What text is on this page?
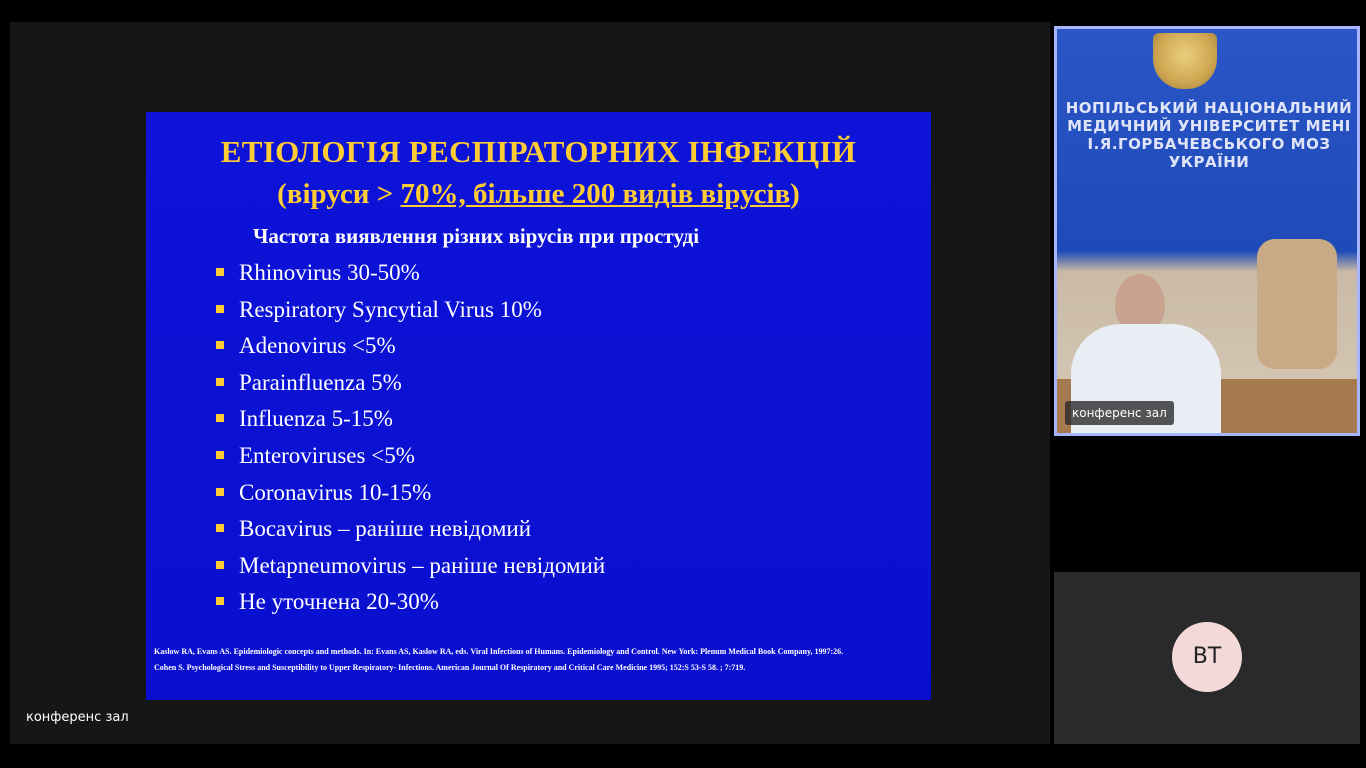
ЕТІОЛОГІЯ РЕСПІРАТОРНИХ ІНФЕКЦІЙ
(віруси > 70%, більше 200 видів вірусів)
Частота виявлення різних вірусів при простуді
Rhinovirus 30-50%
Respiratory Syncytial Virus 10%
Adenovirus <5%
Parainfluenza 5%
Influenza 5-15%
Enteroviruses <5%
Coronavirus 10-15%
Bocavirus – раніше невідомий
Metapneumovirus – раніше невідомий
Не уточнена 20-30%
Kaslow RA, Evans AS. Epidemiologic concepts and methods. In: Evans AS, Kaslow RA, eds. Viral Infections of Humans. Epidemiology and Control. New York: Plenum Medical Book Company, 1997:26.
Cohen S. Psychological Stress and Susceptibility to Upper Respiratory- Infections. American Journal Of Respiratory and Critical Care Medicine 1995; 152:S 53-S 58. ; 7:719.
конференс зал
НОПІЛЬСЬКИЙ НАЦІОНАЛЬНИЙ МЕДИЧНИЙ УНІВЕРСИТЕТ МЕНІ І.Я.ГОРБАЧЕВСЬКОГО МОЗ УКРАЇНИ
конференс зал
BT
